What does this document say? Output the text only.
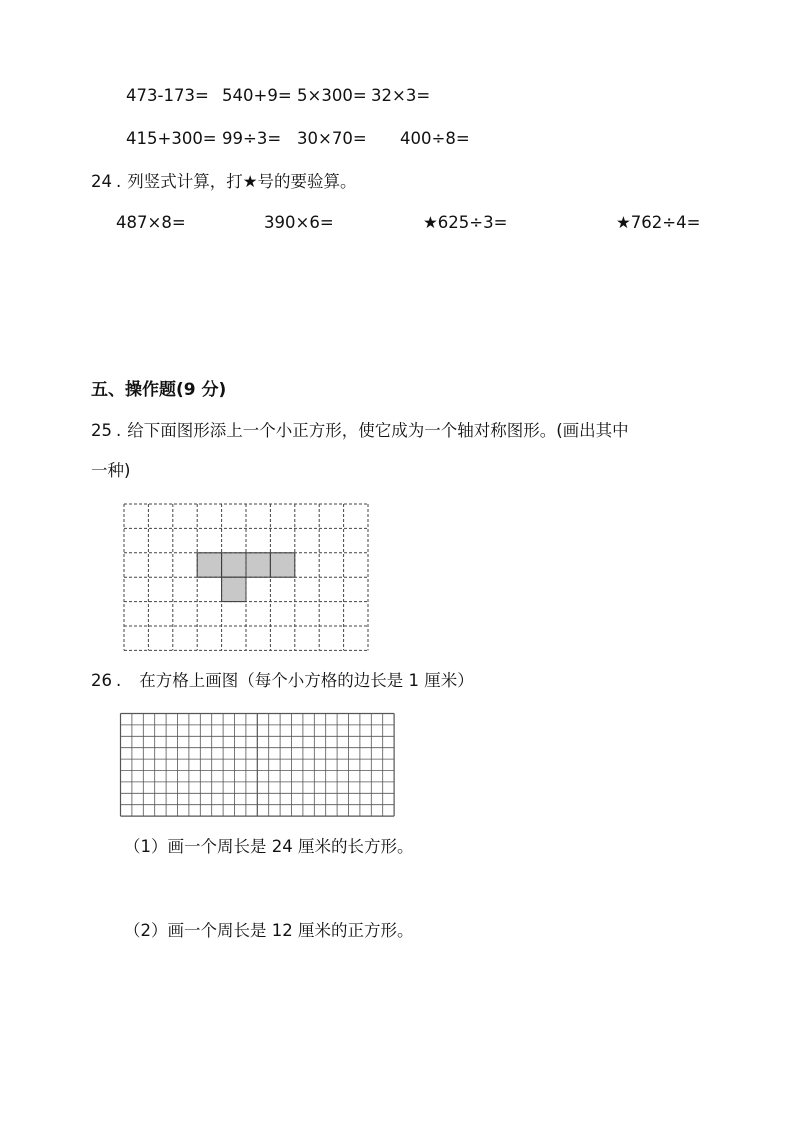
473-173= 540+9= 5×300= 32×3=
415+300= 99÷3= 30×70= 400÷8=
24 . 列竖式计算，打★号的要验算。
487×8=	390×6=	★625÷3=	★762÷4=
五、操作题(9 分)
25 . 给下面图形添上一个小正方形，使它成为一个轴对称图形。(画出其中
一种)
26 . 在方格上画图（每个小方格的边长是 1 厘米）
（1）画一个周长是 24 厘米的长方形。
（2）画一个周长是 12 厘米的正方形。
